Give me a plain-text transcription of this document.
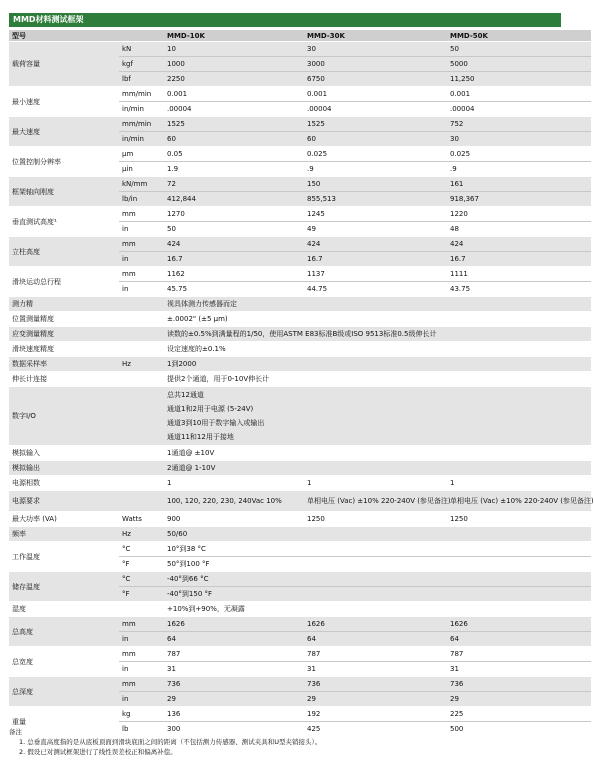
MMD材料测试框架
型号		MMD-10K	MMD-30K	MMD-50K
载荷容量	kN	10	30	50
	kgf	1000	3000	5000
	lbf	2250	6750	11,250
最小速度	mm/min	0.001	0.001	0.001
	in/min	.00004	.00004	.00004
最大速度	mm/min	1525	1525	752
	in/min	60	60	30
位置控制分辨率	µm	0.05	0.025	0.025
	µin	1.9	.9	.9
框架轴向刚度	kN/mm	72	150	161
	lb/in	412,844	855,513	918,367
垂直测试高度¹	mm	1270	1245	1220
	in	50	49	48
立柱高度	mm	424	424	424
	in	16.7	16.7	16.7
滑块运动总行程	mm	1162	1137	1111
	in	45.75	44.75	43.75
测力精		视具体测力传感器而定		
位置测量精度		±.0002" (±5 µm)		
应变测量精度		读数的±0.5%到满量程的1/50，使用ASTM E83标准B级或ISO 9513标准0.5级伸长计		
滑块速度精度		设定速度的±0.1%		
数据采样率	Hz	1到2000		
伸长计连接		提供2个通道，用于0-10V伸长计		
数字I/O		总共12通道
通道1和2用于电源 (5-24V)
通道3到10用于数字输入或输出
通道11和12用于接地		

模拟输入		1通道@ ±10V		
模拟输出		2通道@ 1-10V		
电源相数		1	1	1
电源要求		100, 120, 220, 230, 240Vac 10%	单相电压 (Vac) ±10% 220-240V (参见备注)	单相电压 (Vac) ±10% 220-240V (参见备注)
最大功率 (VA)	Watts	900	1250	1250
频率	Hz	50/60		
工作温度	°C	10°到38 °C		
	°F	50°到100 °F		
储存温度	°C	-40°到66 °C		
	°F	-40°到150 °F		
湿度		+10%到+90%，无凝露		
总高度	mm	1626	1626	1626
	in	64	64	64
总宽度	mm	787	787	787
	in	31	31	31
总深度	mm	736	736	736
	in	29	29	29
重量	kg	136	192	225
	lb	300	425	500
备注
1. 总垂直高度指的是从底板顶面到滑块底面之间的距离（不包括测力传感器、测试夹具和U型夹销接头）。
2. 假设已对测试框架进行了线性误差校正和偏离补偿。
